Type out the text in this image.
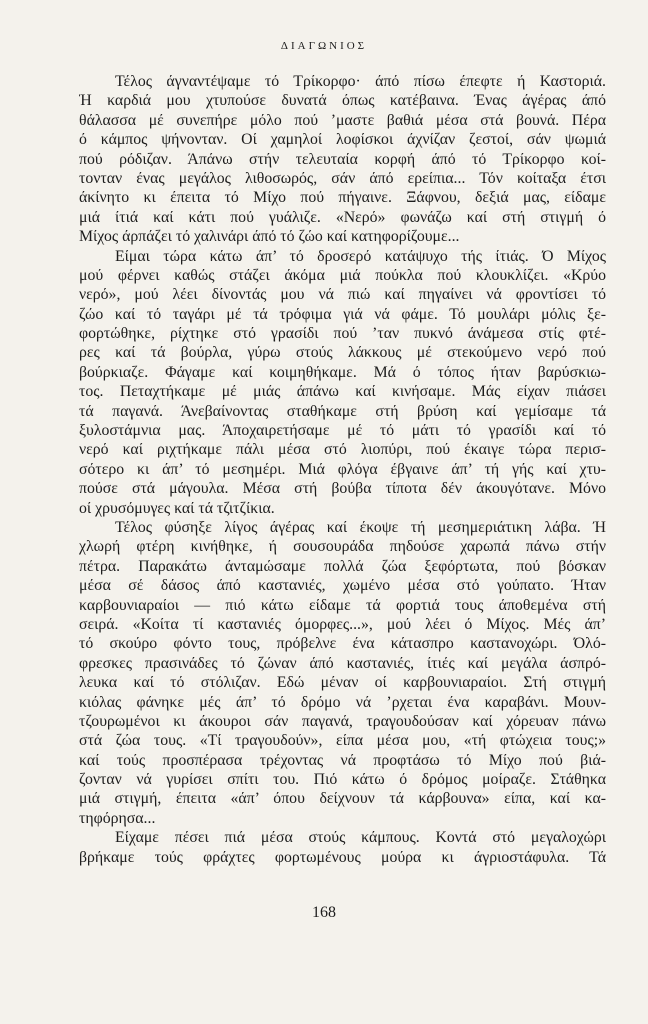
ΔΙΑΓΩΝΙΟΣ
Τέλος άγναντέψαμε τό Τρίκορφο· άπό πίσω έπεφτε ή Καστοριά.
Ή καρδιά μου χτυπούσε δυνατά όπως κατέβαινα. Ένας άγέρας άπό
θάλασσα μέ συνεπήρε μόλο πού ’μαστε βαθιά μέσα στά βουνά. Πέρα
ό κάμπος ψήνονταν. Οί χαμηλοί λοφίσκοι άχνίζαν ζεστοί, σάν ψωμιά
πού ρόδιζαν. Άπάνω στήν τελευταία κορφή άπό τό Τρίκορφο κοί-
τονταν ένας μεγάλος λιθοσωρός, σάν άπό ερείπια... Τόν κοίταξα έτσι
άκίνητο κι έπειτα τό Μίχο πού πήγαινε. Ξάφνου, δεξιά μας, είδαμε
μιά ίτιά καί κάτι πού γυάλιζε. «Νερό» φωνάζω καί στή στιγμή ό
Μίχος άρπάζει τό χαλινάρι άπό τό ζώο καί κατηφορίζουμε...
Είμαι τώρα κάτω άπ’ τό δροσερό κατάψυχο τής ίτιάς. Ό Μίχος
μού φέρνει καθώς στάζει άκόμα μιά πούκλα πού κλουκλίζει. «Κρύο
νερό», μού λέει δίνοντάς μου νά πιώ καί πηγαίνει νά φροντίσει τό
ζώο καί τό ταγάρι μέ τά τρόφιμα γιά νά φάμε. Τό μουλάρι μόλις ξε-
φορτώθηκε, ρίχτηκε στό γρασίδι πού ’ταν πυκνό άνάμεσα στίς φτέ-
ρες καί τά βούρλα, γύρω στούς λάκκους μέ στεκούμενο νερό πού
βούρκιαζε. Φάγαμε καί κοιμηθήκαμε. Μά ό τόπος ήταν βαρύσκιω-
τος. Πεταχτήκαμε μέ μιάς άπάνω καί κινήσαμε. Μάς είχαν πιάσει
τά παγανά. Άνεβαίνοντας σταθήκαμε στή βρύση καί γεμίσαμε τά
ξυλοστάμνια μας. Άποχαιρετήσαμε μέ τό μάτι τό γρασίδι καί τό
νερό καί ριχτήκαμε πάλι μέσα στό λιοπύρι, πού έκαιγε τώρα περισ-
σότερο κι άπ’ τό μεσημέρι. Μιά φλόγα έβγαινε άπ’ τή γής καί χτυ-
πούσε στά μάγουλα. Μέσα στή βούβα τίποτα δέν άκουγότανε. Μόνο
οί χρυσόμυγες καί τά τζιτζίκια.
Τέλος φύσηξε λίγος άγέρας καί έκοψε τή μεσημεριάτικη λάβα. Ή
χλωρή φτέρη κινήθηκε, ή σουσουράδα πηδούσε χαρωπά πάνω στήν
πέτρα. Παρακάτω άνταμώσαμε πολλά ζώα ξεφόρτωτα, πού βόσκαν
μέσα σέ δάσος άπό καστανιές, χωμένο μέσα στό γούπατο. Ήταν
καρβουνιαραίοι — πιό κάτω είδαμε τά φορτιά τους άποθεμένα στή
σειρά. «Κοίτα τί καστανιές όμορφες...», μού λέει ό Μίχος. Μές άπ’
τό σκούρο φόντο τους, πρόβελνε ένα κάτασπρο καστανοχώρι. Όλό-
φρεσκες πρασινάδες τό ζώναν άπό καστανιές, ίτιές καί μεγάλα άσπρό-
λευκα καί τό στόλιζαν. Εδώ μέναν οί καρβουνιαραίοι. Στή στιγμή
κιόλας φάνηκε μές άπ’ τό δρόμο νά ’ρχεται ένα καραβάνι. Μουν-
τζουρωμένοι κι άκουροι σάν παγανά, τραγουδούσαν καί χόρευαν πάνω
στά ζώα τους. «Τί τραγουδούν», είπα μέσα μου, «τή φτώχεια τους;»
καί τούς προσπέρασα τρέχοντας νά προφτάσω τό Μίχο πού βιά-
ζονταν νά γυρίσει σπίτι του. Πιό κάτω ό δρόμος μοίραζε. Στάθηκα
μιά στιγμή, έπειτα «άπ’ όπου δείχνουν τά κάρβουνα» είπα, καί κα-
τηφόρησα...
Είχαμε πέσει πιά μέσα στούς κάμπους. Κοντά στό μεγαλοχώρι
βρήκαμε τούς φράχτες φορτωμένους μούρα κι άγριοστάφυλα. Τά
168
